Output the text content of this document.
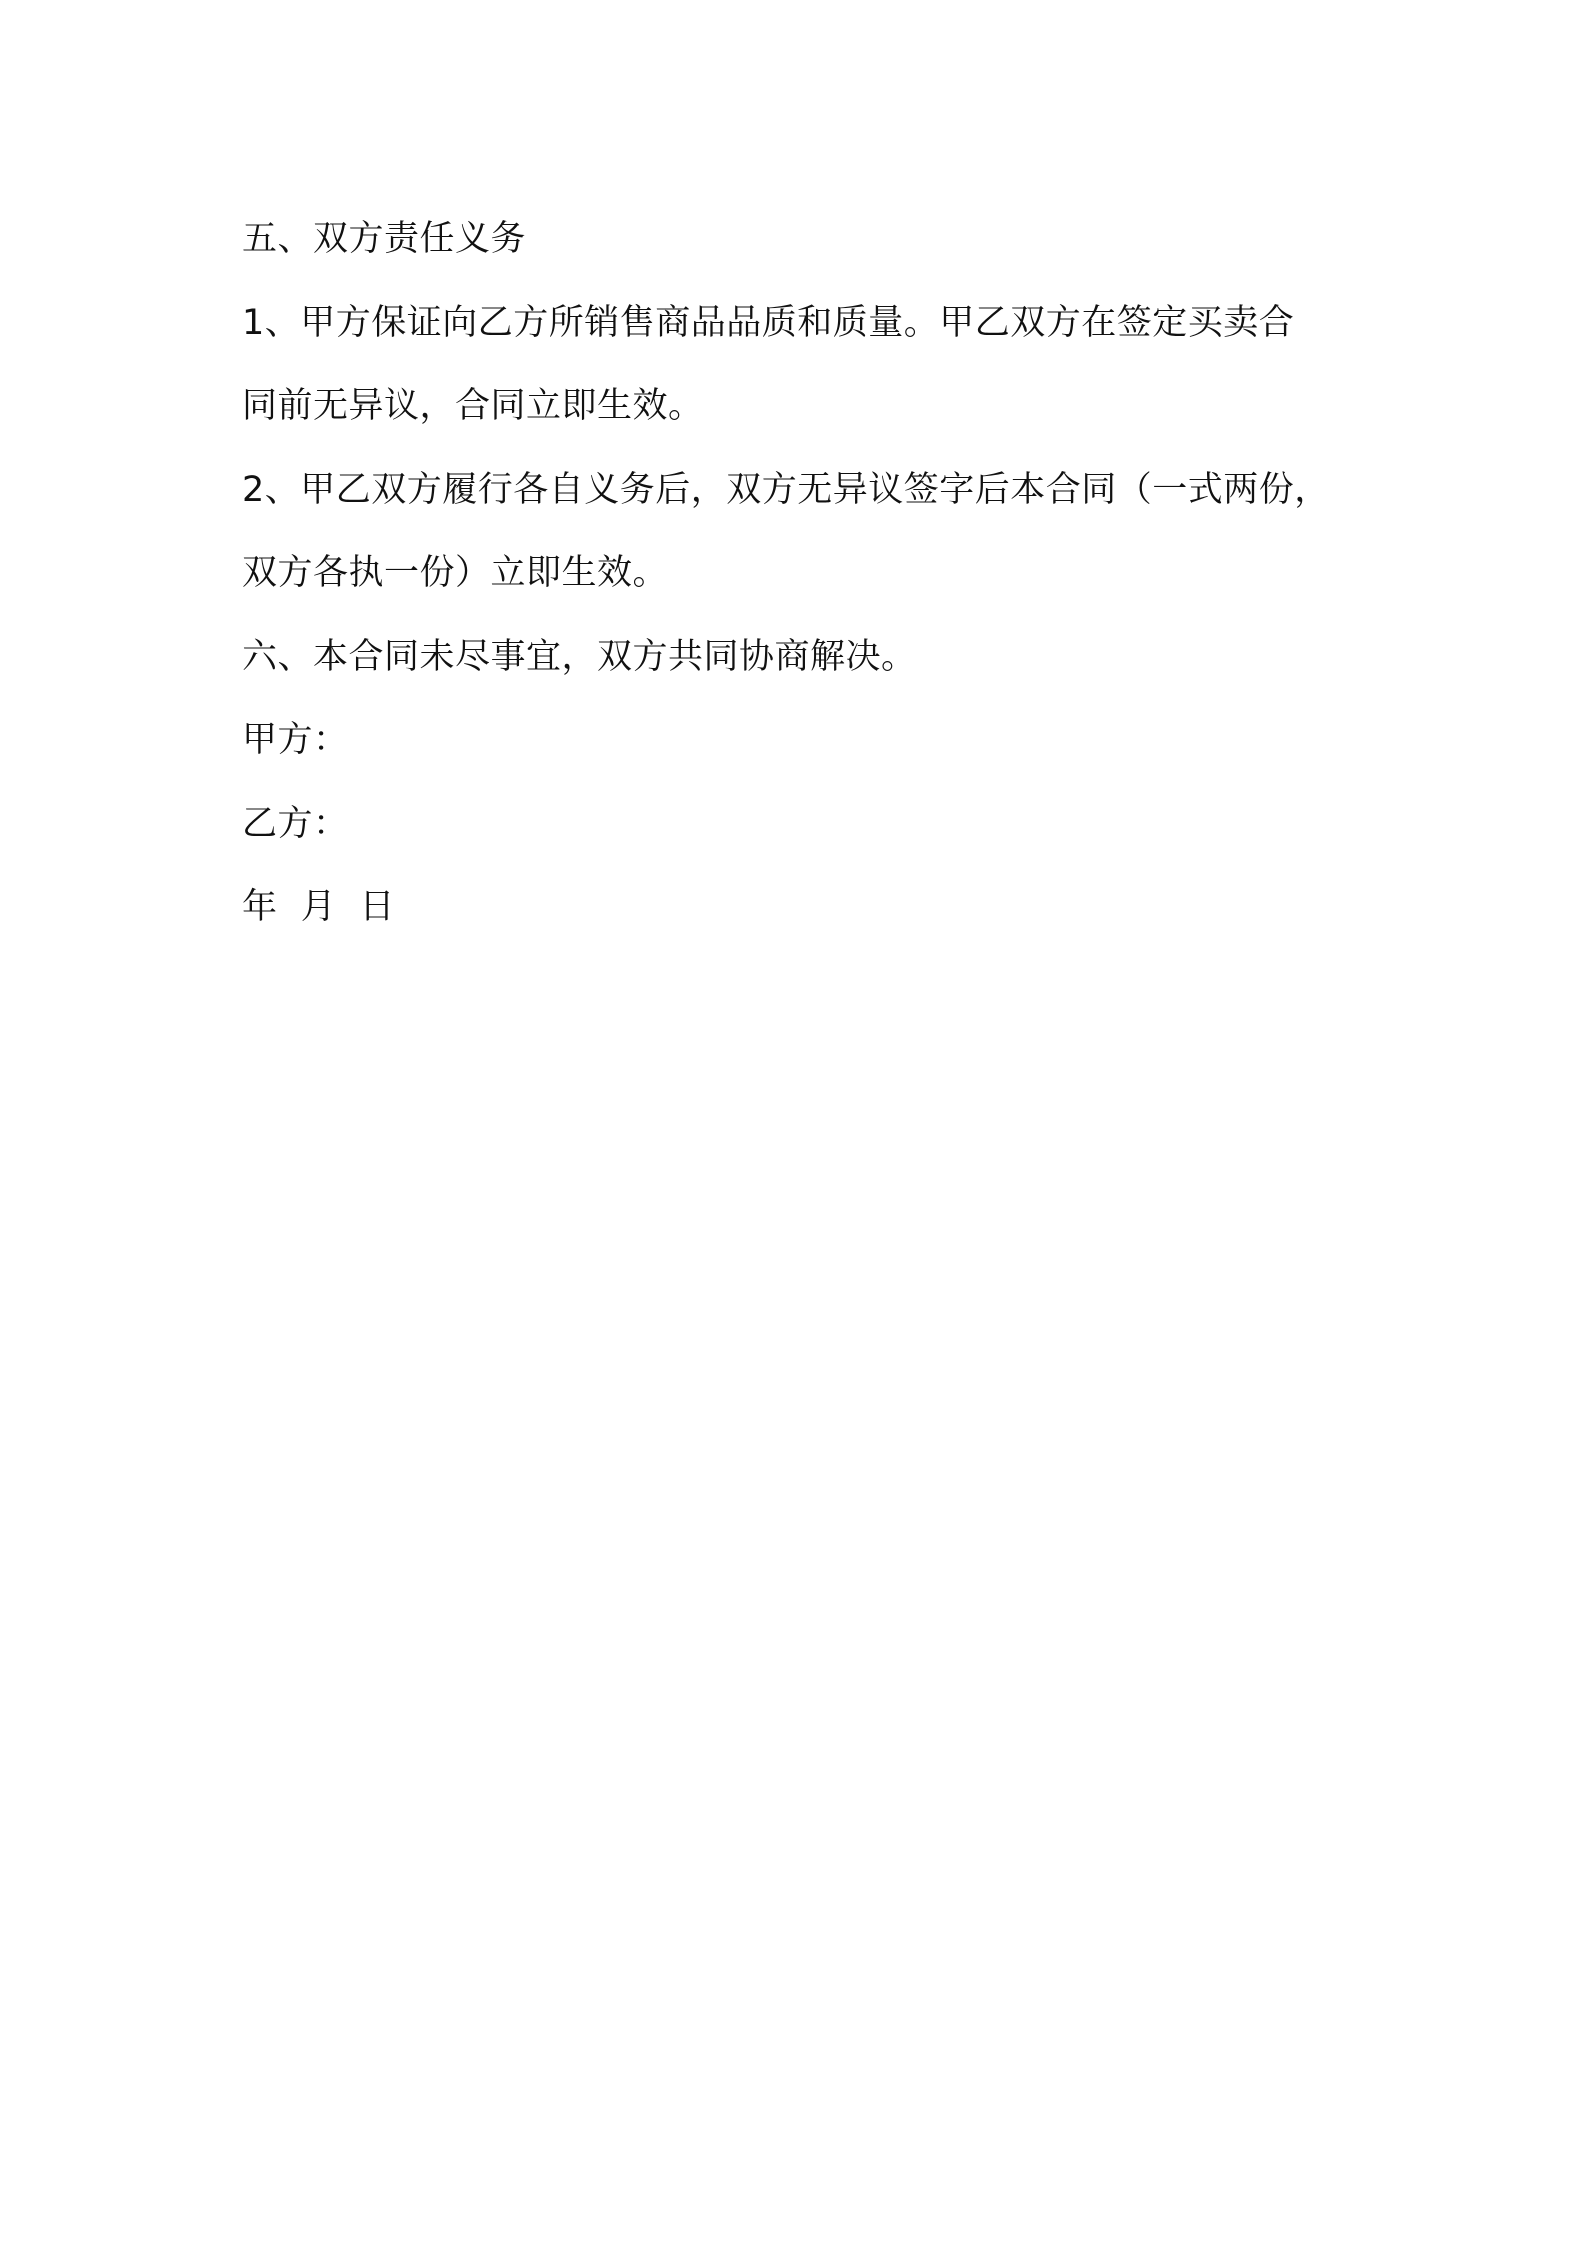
五、双方责任义务
1、甲方保证向乙方所销售商品品质和质量。甲乙双方在签定买卖合
同前无异议，合同立即生效。
2、甲乙双方履行各自义务后，双方无异议签字后本合同（一式两份，
双方各执一份）立即生效。
六、本合同未尽事宜，双方共同协商解决。
甲方：
乙方：
年  月  日
